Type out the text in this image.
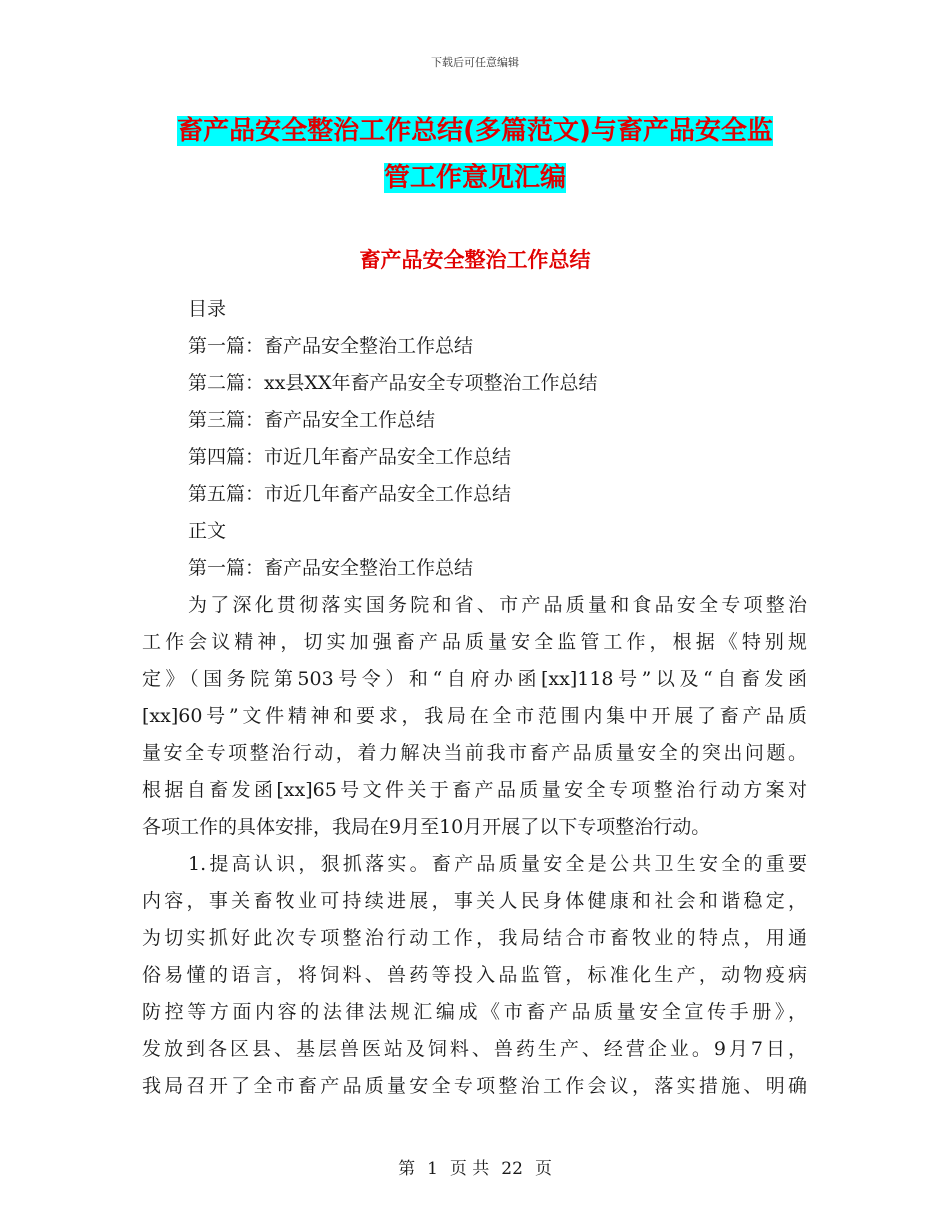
下载后可任意编辑
畜产品安全整治工作总结(多篇范文)与畜产品安全监
管工作意见汇编
畜产品安全整治工作总结
目录
第一篇：畜产品安全整治工作总结
第二篇：xx县XX年畜产品安全专项整治工作总结
第三篇：畜产品安全工作总结
第四篇：市近几年畜产品安全工作总结
第五篇：市近几年畜产品安全工作总结
正文
第一篇：畜产品安全整治工作总结
为了深化贯彻落实国务院和省、市产品质量和食品安全专项整治
工作会议精神，切实加强畜产品质量安全监管工作，根据《特别规
定》（国务院第503号令）和“自府办函[xx]118号”以及“自畜发函
[xx]60号”文件精神和要求，我局在全市范围内集中开展了畜产品质
量安全专项整治行动，着力解决当前我市畜产品质量安全的突出问题。
根据自畜发函[xx]65号文件关于畜产品质量安全专项整治行动方案对
各项工作的具体安排，我局在9月至10月开展了以下专项整治行动。
1.提高认识，狠抓落实。畜产品质量安全是公共卫生安全的重要
内容，事关畜牧业可持续进展，事关人民身体健康和社会和谐稳定，
为切实抓好此次专项整治行动工作，我局结合市畜牧业的特点，用通
俗易懂的语言，将饲料、兽药等投入品监管，标准化生产，动物疫病
防控等方面内容的法律法规汇编成《市畜产品质量安全宣传手册》，
发放到各区县、基层兽医站及饲料、兽药生产、经营企业。9月7日，
我局召开了全市畜产品质量安全专项整治工作会议，落实措施、明确
第 1 页 共 22 页
